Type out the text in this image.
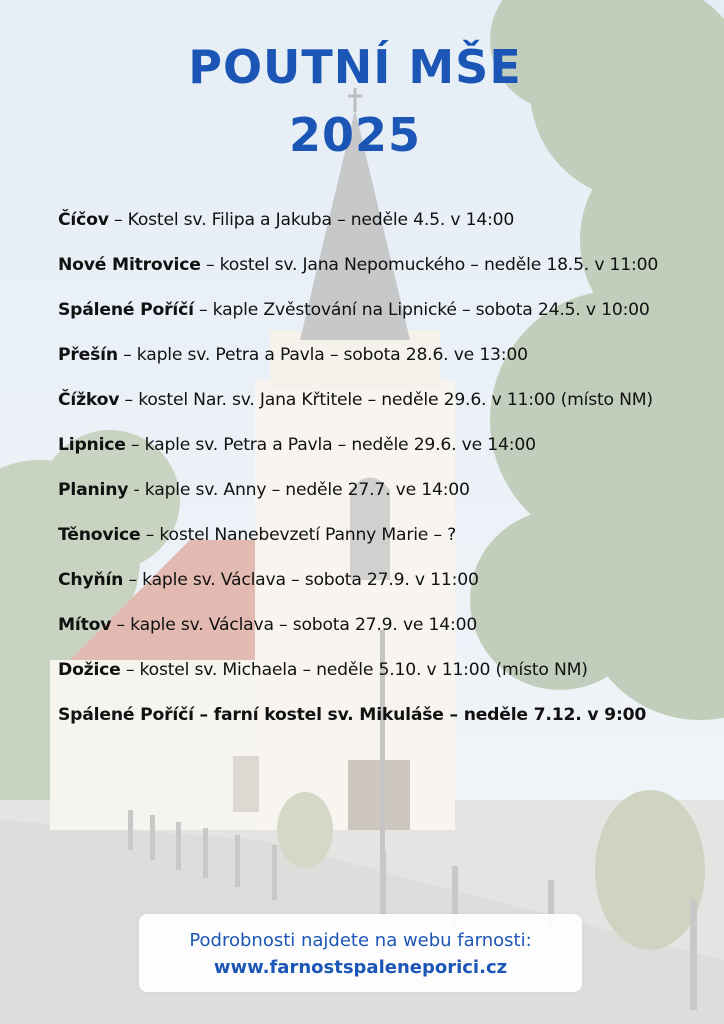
POUTNÍ MŠE
2025
Číčov – Kostel sv. Filipa a Jakuba – neděle 4.5. v 14:00
Nové Mitrovice – kostel sv. Jana Nepomuckého – neděle 18.5. v 11:00
Spálené Poříčí – kaple Zvěstování na Lipnické – sobota 24.5. v 10:00
Přešín – kaple sv. Petra a Pavla – sobota 28.6. ve 13:00
Čížkov – kostel Nar. sv. Jana Křtitele – neděle 29.6. v 11:00 (místo NM)
Lipnice – kaple sv. Petra a Pavla – neděle 29.6. ve 14:00
Planiny - kaple sv. Anny – neděle 27.7. ve 14:00
Těnovice – kostel Nanebevzetí Panny Marie – ?
Chyňín – kaple sv. Václava – sobota 27.9. v 11:00
Mítov – kaple sv. Václava – sobota 27.9. ve 14:00
Dožice – kostel sv. Michaela – neděle 5.10. v 11:00 (místo NM)
Spálené Poříčí – farní kostel sv. Mikuláše – neděle 7.12. v 9:00
Podrobnosti najdete na webu farnosti:
www.farnostspaleneporici.cz
